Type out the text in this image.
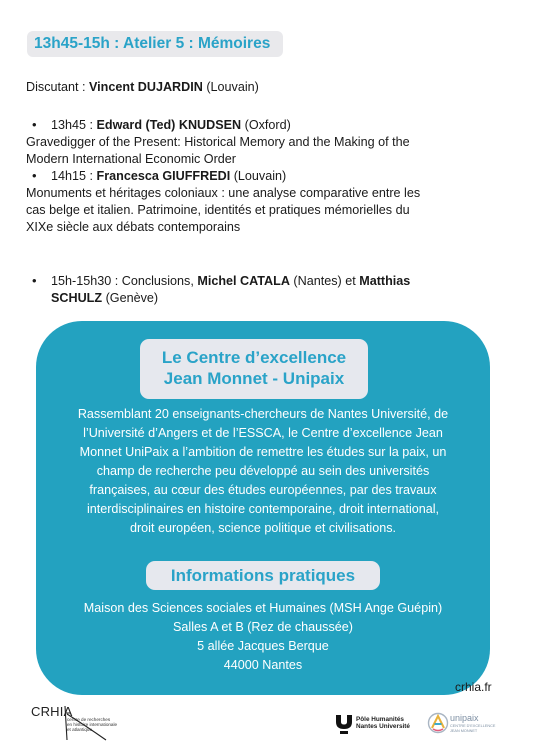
13h45-15h : Atelier 5 : Mémoires
Discutant : Vincent DUJARDIN (Louvain)
• 13h45 : Edward (Ted) KNUDSEN (Oxford)
Gravedigger of the Present: Historical Memory and the Making of the
Modern International Economic Order
• 14h15 : Francesca GIUFFREDI (Louvain)
Monuments et héritages coloniaux : une analyse comparative entre les
cas belge et italien. Patrimoine, identités et pratiques mémorielles du
XIXe siècle aux débats contemporains
• 15h-15h30 : Conclusions, Michel CATALA (Nantes) et Matthias
SCHULZ (Genève)
Le Centre d’excellence
Jean Monnet - Unipaix
Rassemblant 20 enseignants-chercheurs de Nantes Université, de
l’Université d’Angers et de l’ESSCA, le Centre d’excellence Jean
Monnet UniPaix a l’ambition de remettre les études sur la paix, un
champ de recherche peu développé au sein des universités
françaises, au cœur des études européennes, par des travaux
interdisciplinaires en histoire contemporaine, droit international,
droit européen, science politique et civilisations.
Informations pratiques
Maison des Sciences sociales et Humaines (MSH Ange Guépin)
Salles A et B (Rez de chaussée)
5 allée Jacques Berque
44000 Nantes
crhia.fr
CRHIA
centre de recherches
en histoire internationale
et atlantique
Pôle Humanités
Nantes Université
unipaix
CENTRE D’EXCELLENCE
JEAN MONNET
